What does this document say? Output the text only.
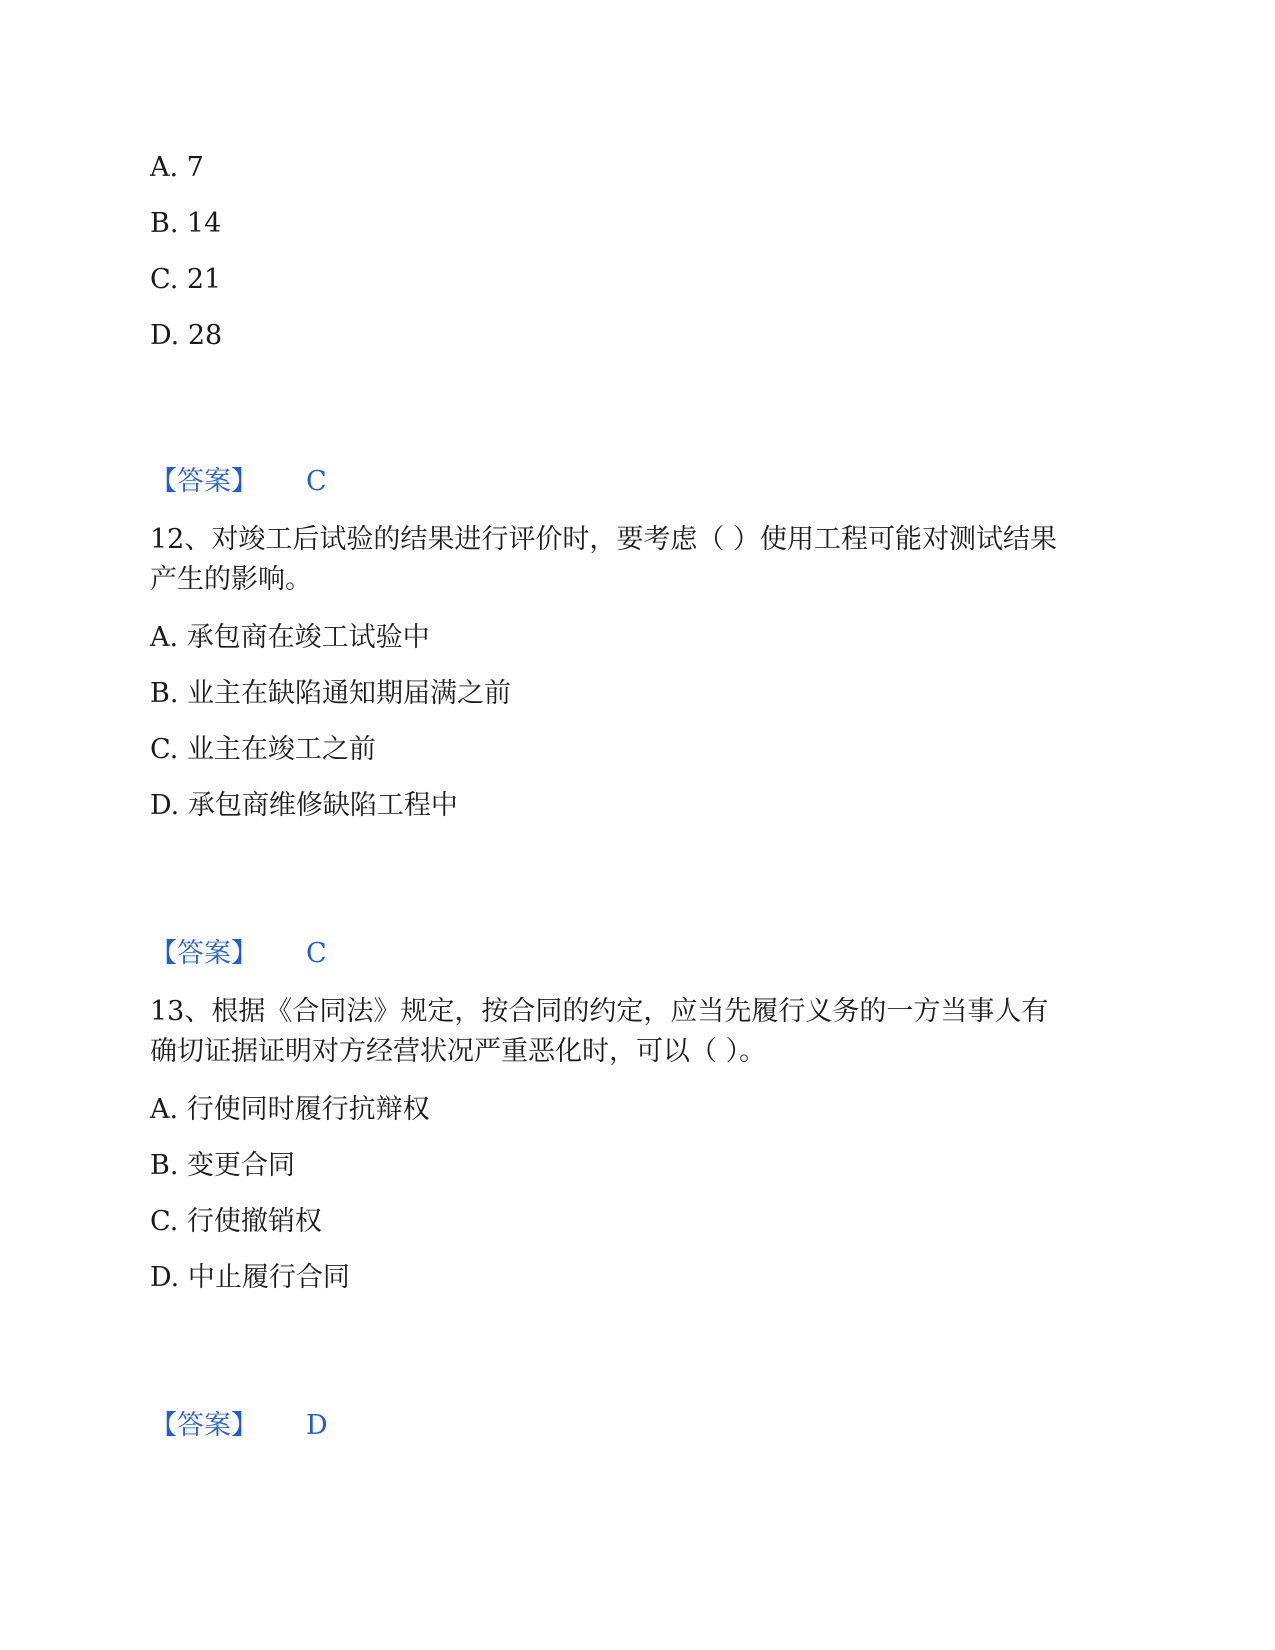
A. 7
B. 14
C. 21
D. 28
【答案】 C
12、对竣工后试验的结果进行评价时，要考虑（ ）使用工程可能对测试结果
产生的影响。
A. 承包商在竣工试验中
B. 业主在缺陷通知期届满之前
C. 业主在竣工之前
D. 承包商维修缺陷工程中
【答案】 C
13、根据《合同法》规定，按合同的约定，应当先履行义务的一方当事人有
确切证据证明对方经营状况严重恶化时，可以（ ）。
A. 行使同时履行抗辩权
B. 变更合同
C. 行使撤销权
D. 中止履行合同
【答案】 D
